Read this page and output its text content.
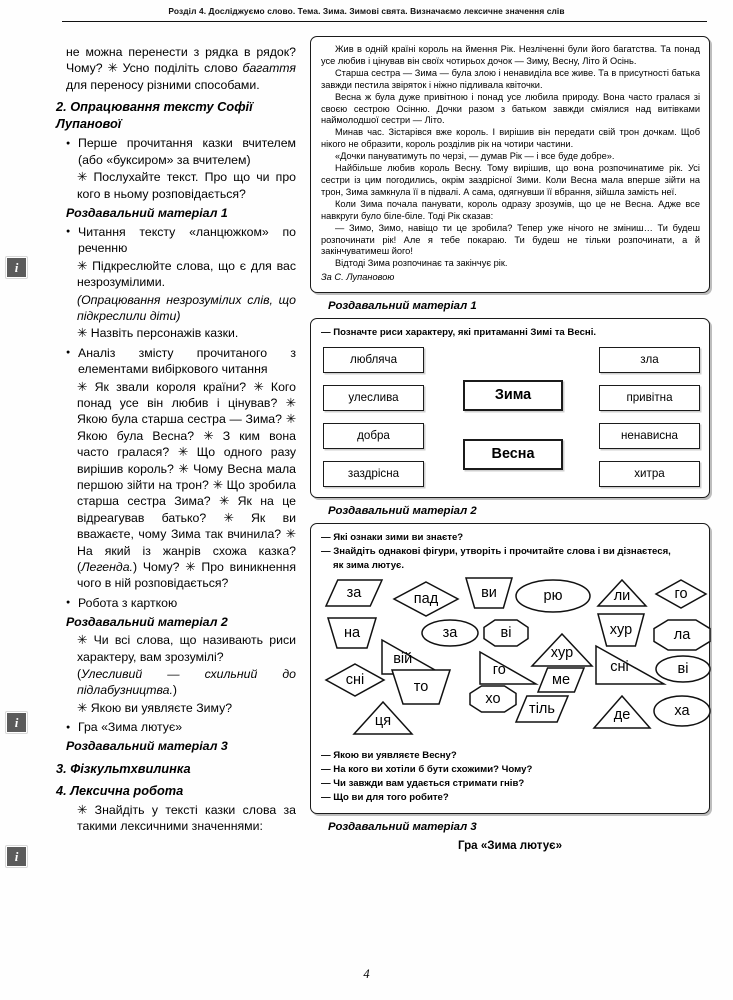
Розділ 4. Досліджуємо слово. Тема. Зима. Зимові свята. Визначаємо лексичне значення слів
i
i
i

не можна перенести з рядка в рядок? Чому? ✳ Усно поділіть слово багаття для переносу різними способами.

2. Опрацювання тексту Софії Лупанової

● Перше прочитання казки вчителем (або «буксиром» за вчителем)
✳ Послухайте текст. Про що чи про кого в ньому розповідається?

Роздавальний матеріал 1

● Читання тексту «ланцюжком» по реченню
✳ Підкреслюйте слова, що є для вас незрозумілими.
(Опрацювання незрозумілих слів, що підкреслили діти)
✳ Назвіть персонажів казки.
● Аналіз змісту прочитаного з елементами вибіркового читання
✳ Як звали короля країни? ✳ Кого понад усе він любив і цінував? ✳ Якою була старша сестра — Зима? ✳ Якою була Весна? ✳ З ким вона часто гралася? ✳ Що одного разу вирішив король? ✳ Чому Весна мала першою зійти на трон? ✳ Що зробила старша сестра Зима? ✳ Як на це відреагував батько? ✳ Як ви вважаєте, чому Зима так вчинила? ✳ На який із жанрів схожа казка? (Легенда.) Чому? ✳ Про виникнення чого в ній розповідається?
● Робота з карткою

Роздавальний матеріал 2

✳ Чи всі слова, що називають риси характеру, вам зрозумілі?
(Улесливий — схильний до підлабузництва.)
✳ Якою ви уявляєте Зиму?
● Гра «Зима лютує»

Роздавальний матеріал 3

3. Фізкультхвилинка

4. Лексична робота

✳ Знайдіть у тексті казки слова за такими лексичними значеннями:

Жив в одній країні король на ймення Рік. Незліченні були його багатства. Та понад усе любив і цінував він своїх чотирьох дочок — Зиму, Весну, Літо й Осінь.

Старша сестра — Зима — була злою і ненавиділа все живе. Та в присутності батька завжди пестила звіряток і ніжно підливала квіточки.

Весна ж була дуже привітною і понад усе любила природу. Вона часто гралася зі своєю сестрою Осінню. Дочки разом з батьком завжди сміялися над витівками наймолодшої сестри — Літо.

Минав час. Зістарівся вже король. І вирішив він передати свій трон дочкам. Щоб нікого не образити, король розділив рік на чотири частини.

«Дочки пануватимуть по черзі, — думав Рік — і все буде добре».

Найбільше любив король Весну. Тому вирішив, що вона розпочинатиме рік. Усі сестри із цим погодились, окрім заздрісної Зими. Коли Весна мала вперше зійти на трон, Зима замкнула її в підвалі. А сама, одягнувши її вбрання, зійшла замість неї.

Коли Зима почала панувати, король одразу зрозумів, що це не Весна. Адже все навкруги було біле-біле. Тоді Рік сказав:

— Зимо, Зимо, навіщо ти це зробила? Тепер уже нічого не зміниш… Ти будеш розпочинати рік! Але я тебе покараю. Ти будеш не тільки розпочинати, а й закінчуватимеш його!

Відтоді Зима розпочинає та закінчує рік.

За С. Лупановою

Роздавальний матеріал 1
— Позначте риси характеру, які притаманні Зимі та Весні.
любляча
улеслива
добра
заздрісна
Зима
Весна
зла
привітна
ненависна
хитра
Роздавальний матеріал 2
— Які ознаки зими ви знаєте?
— Знайдіть однакові фігури, утворіть і прочитайте слова і ви дізнаєтеся,
як зима лютує.
за	пад	ви	рю	ли	го
на	за	ві	хур	ла
вій	хур
го	ві
сні
сні
то	ме
хо
тіль
ця	де	ха
— Якою ви уявляєте Весну?
— На кого ви хотіли б бути схожими? Чому?
— Чи завжди вам удається стримати гнів?
— Що ви для того робите?
Роздавальний матеріал 3
Гра «Зима лютує»
4
